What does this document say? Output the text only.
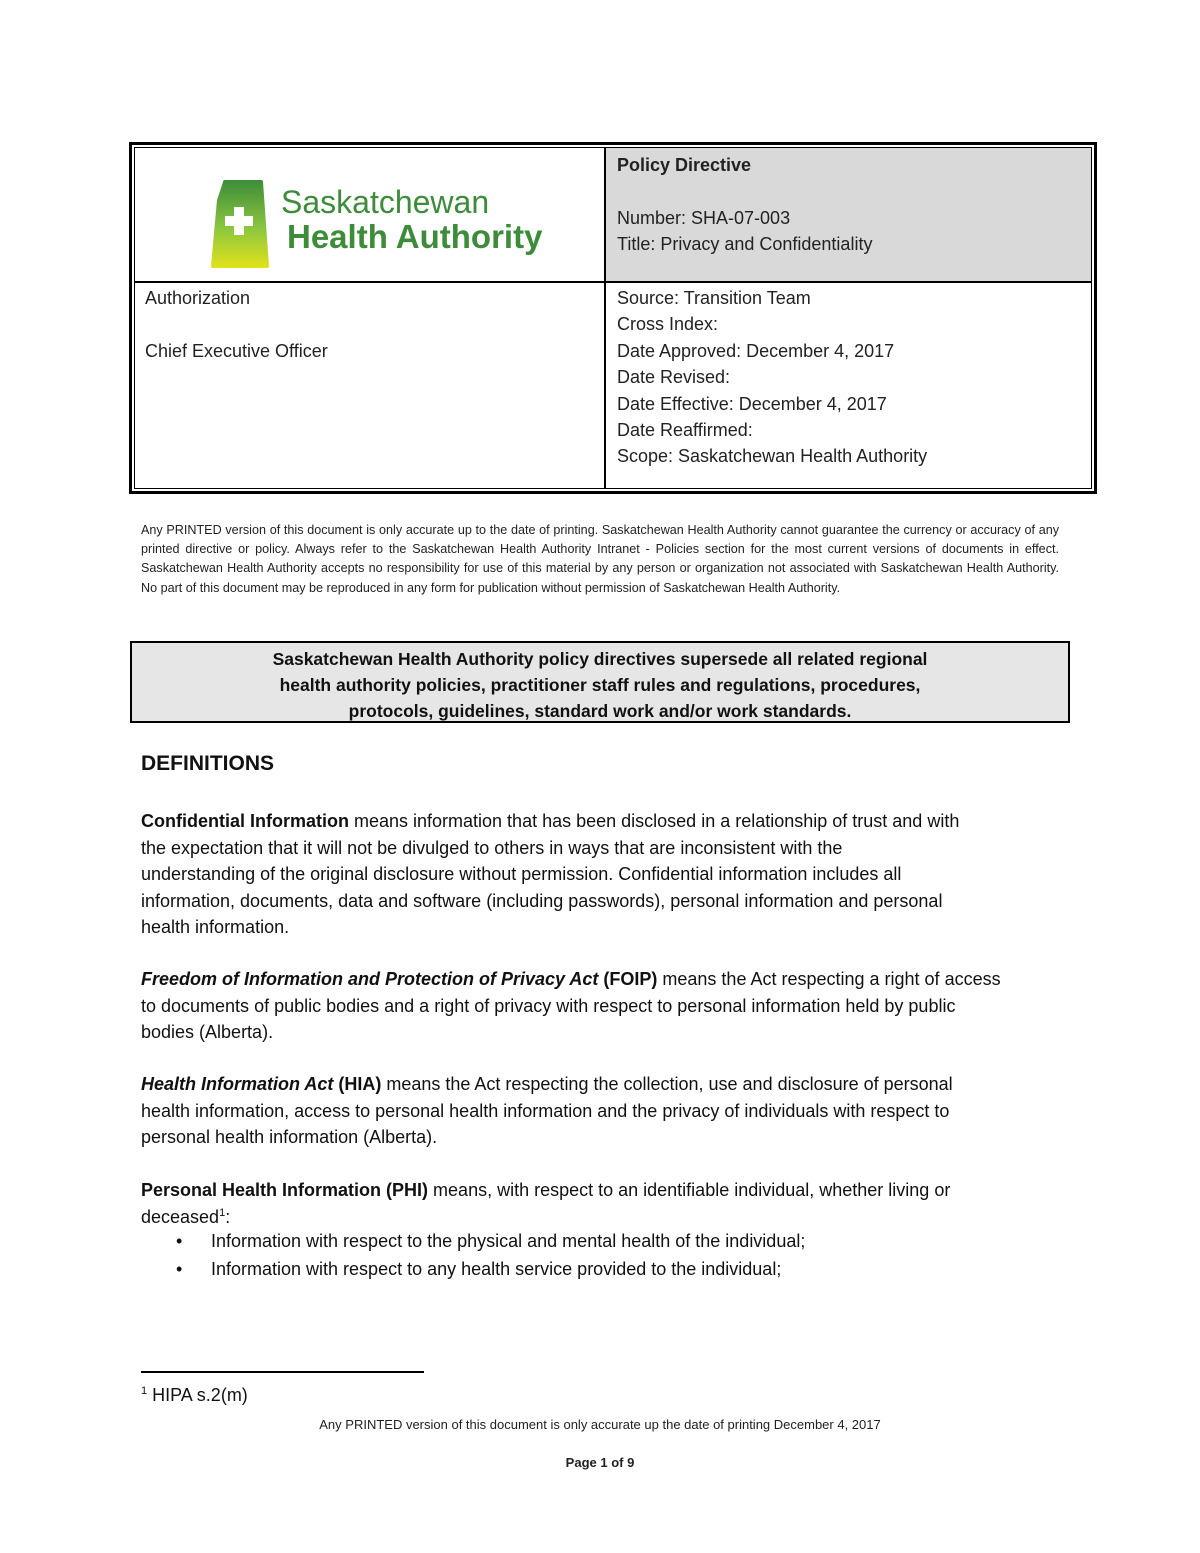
Saskatchewan
Health Authority
Policy Directive

Number: SHA-07-003
Title: Privacy and Confidentiality
Authorization

Chief Executive Officer
Source: Transition Team
Cross Index:
Date Approved: December 4, 2017
Date Revised:
Date Effective: December 4, 2017
Date Reaffirmed:
Scope: Saskatchewan Health Authority
Any PRINTED version of this document is only accurate up to the date of printing. Saskatchewan Health Authority cannot guarantee the currency or accuracy of any printed directive or policy. Always refer to the Saskatchewan Health Authority Intranet - Policies section for the most current versions of documents in effect. Saskatchewan Health Authority accepts no responsibility for use of this material by any person or organization not associated with Saskatchewan Health Authority. No part of this document may be reproduced in any form for publication without permission of Saskatchewan Health Authority.
Saskatchewan Health Authority policy directives supersede all related regional
health authority policies, practitioner staff rules and regulations, procedures,
protocols, guidelines, standard work and/or work standards.
DEFINITIONS
Confidential Information means information that has been disclosed in a relationship of trust and with
the expectation that it will not be divulged to others in ways that are inconsistent with the
understanding of the original disclosure without permission. Confidential information includes all
information, documents, data and software (including passwords), personal information and personal
health information.
Freedom of Information and Protection of Privacy Act (FOIP) means the Act respecting a right of access
to documents of public bodies and a right of privacy with respect to personal information held by public
bodies (Alberta).
Health Information Act (HIA) means the Act respecting the collection, use and disclosure of personal
health information, access to personal health information and the privacy of individuals with respect to
personal health information (Alberta).
Personal Health Information (PHI) means, with respect to an identifiable individual, whether living or
deceased$^1$:
• Information with respect to the physical and mental health of the individual;
• Information with respect to any health service provided to the individual;
$^1$ HIPA s.2(m)
Any PRINTED version of this document is only accurate up the date of printing December 4, 2017
Page 1 of 9
